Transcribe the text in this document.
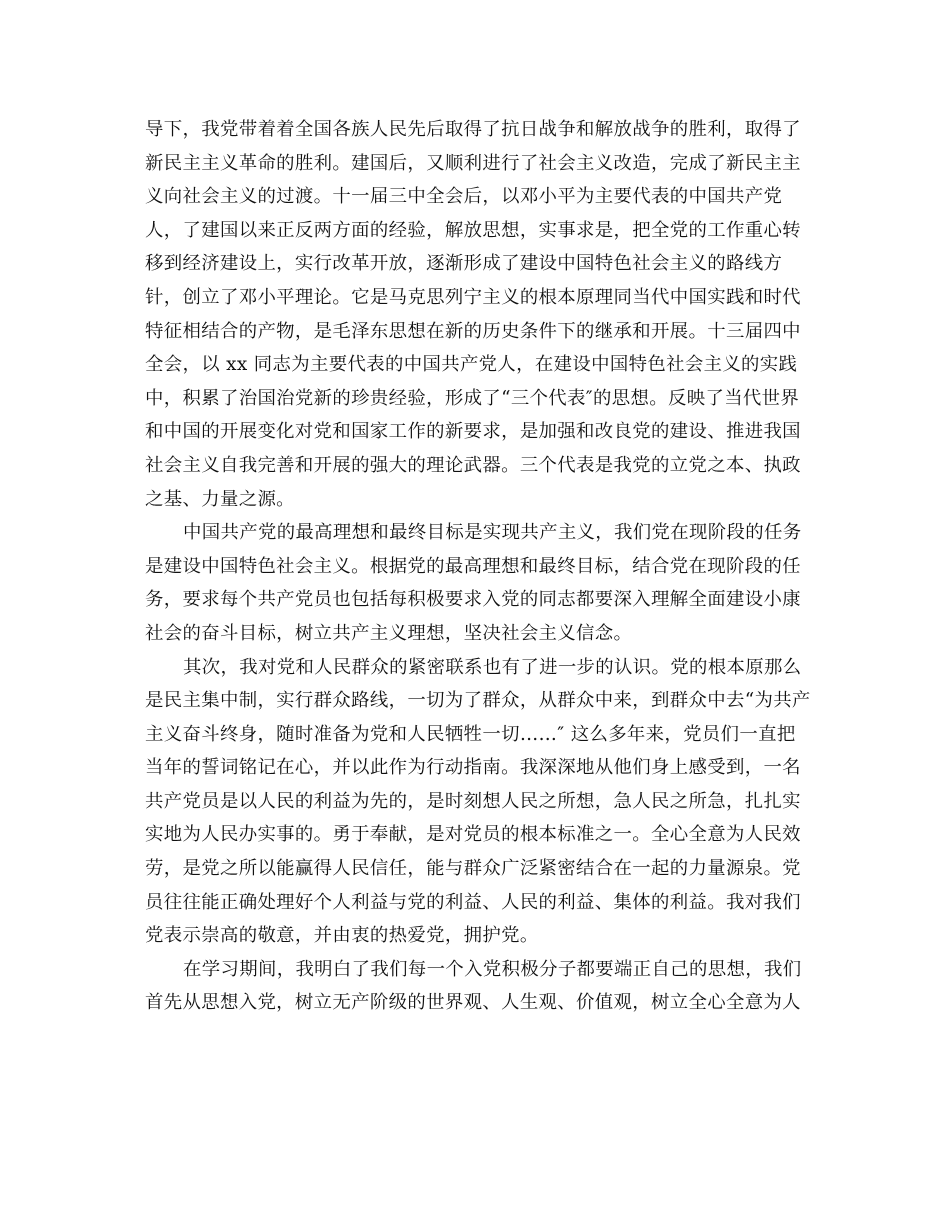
导下，我党带着着全国各族人民先后取得了抗日战争和解放战争的胜利，取得了
新民主主义革命的胜利。建国后，又顺利进行了社会主义改造，完成了新民主主
义向社会主义的过渡。十一届三中全会后，以邓小平为主要代表的中国共产党
人，了建国以来正反两方面的经验，解放思想，实事求是，把全党的工作重心转
移到经济建设上，实行改革开放，逐渐形成了建设中国特色社会主义的路线方
针，创立了邓小平理论。它是马克思列宁主义的根本原理同当代中国实践和时代
特征相结合的产物，是毛泽东思想在新的历史条件下的继承和开展。十三届四中
全会，以 xx 同志为主要代表的中国共产党人，在建设中国特色社会主义的实践
中，积累了治国治党新的珍贵经验，形成了“三个代表″的思想。反映了当代世界
和中国的开展变化对党和国家工作的新要求，是加强和改良党的建设、推进我国
社会主义自我完善和开展的强大的理论武器。三个代表是我党的立党之本、执政
之基、力量之源。
中国共产党的最高理想和最终目标是实现共产主义，我们党在现阶段的任务
是建设中国特色社会主义。根据党的最高理想和最终目标，结合党在现阶段的任
务，要求每个共产党员也包括每积极要求入党的同志都要深入理解全面建设小康
社会的奋斗目标，树立共产主义理想，坚决社会主义信念。
其次，我对党和人民群众的紧密联系也有了进一步的认识。党的根本原那么
是民主集中制，实行群众路线，一切为了群众，从群众中来，到群众中去“为共产
主义奋斗终身，随时准备为党和人民牺牲一切……″ 这么多年来，党员们一直把
当年的誓词铭记在心，并以此作为行动指南。我深深地从他们身上感受到，一名
共产党员是以人民的利益为先的，是时刻想人民之所想，急人民之所急，扎扎实
实地为人民办实事的。勇于奉献，是对党员的根本标准之一。全心全意为人民效
劳，是党之所以能赢得人民信任，能与群众广泛紧密结合在一起的力量源泉。党
员往往能正确处理好个人利益与党的利益、人民的利益、集体的利益。我对我们
党表示崇高的敬意，并由衷的热爱党，拥护党。
在学习期间，我明白了我们每一个入党积极分子都要端正自己的思想，我们
首先从思想入党，树立无产阶级的世界观、人生观、价值观，树立全心全意为人
